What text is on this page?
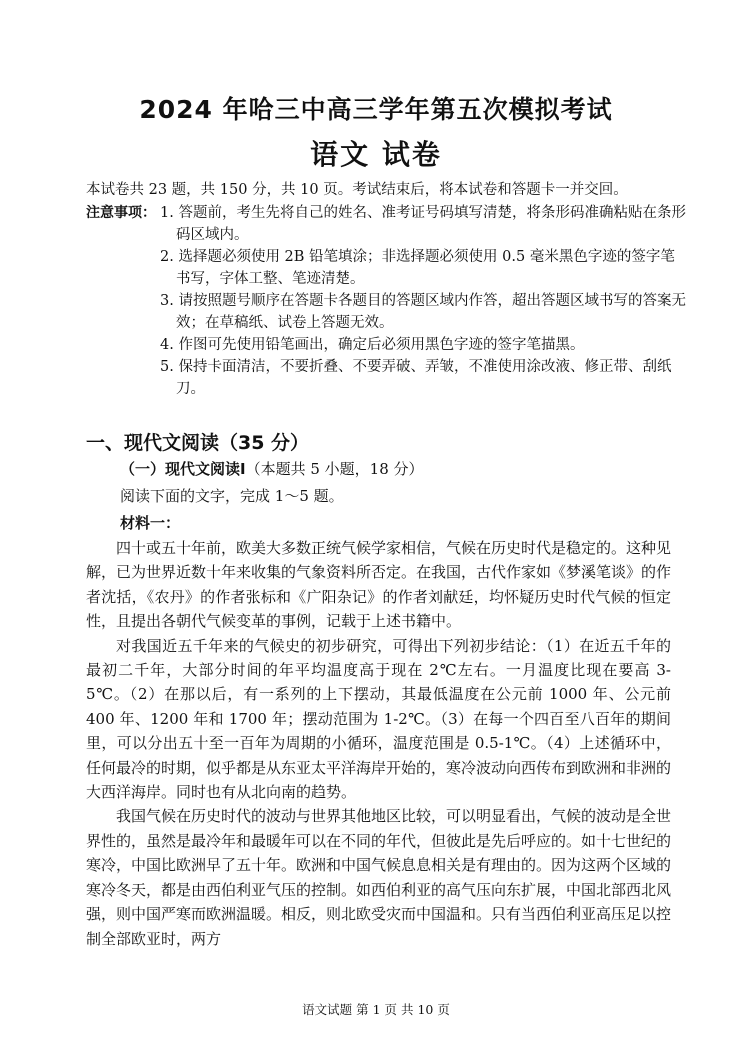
2024 年哈三中高三学年第五次模拟考试
语文 试卷
本试卷共 23 题，共 150 分，共 10 页。考试结束后，将本试卷和答题卡一并交回。
注意事项： 1. 答题前，考生先将自己的姓名、准考证号码填写清楚，将条形码准确粘贴在条形码区域内。
2. 选择题必须使用 2B 铅笔填涂；非选择题必须使用 0.5 毫米黑色字迹的签字笔书写，字体工整、笔迹清楚。
3. 请按照题号顺序在答题卡各题目的答题区域内作答，超出答题区域书写的答案无效；在草稿纸、试卷上答题无效。
4. 作图可先使用铅笔画出，确定后必须用黑色字迹的签字笔描黑。
5. 保持卡面清洁，不要折叠、不要弄破、弄皱，不准使用涂改液、修正带、刮纸刀。
一、现代文阅读（35 分）
（一）现代文阅读Ⅰ（本题共 5 小题，18 分）
阅读下面的文字，完成 1～5 题。
材料一：

四十或五十年前，欧美大多数正统气候学家相信，气候在历史时代是稳定的。这种见解，已为世界近数十年来收集的气象资料所否定。在我国，古代作家如《梦溪笔谈》的作者沈括，《农丹》的作者张标和《广阳杂记》的作者刘献廷，均怀疑历史时代气候的恒定性，且提出各朝代气候变革的事例，记载于上述书籍中。

对我国近五千年来的气候史的初步研究，可得出下列初步结论：（1）在近五千年的最初二千年，大部分时间的年平均温度高于现在 2℃左右。一月温度比现在要高 3-5℃。（2）在那以后，有一系列的上下摆动，其最低温度在公元前 1000 年、公元前 400 年、1200 年和 1700 年；摆动范围为 1-2℃。（3）在每一个四百至八百年的期间里，可以分出五十至一百年为周期的小循环，温度范围是 0.5-1℃。（4）上述循环中，任何最冷的时期，似乎都是从东亚太平洋海岸开始的，寒冷波动向西传布到欧洲和非洲的大西洋海岸。同时也有从北向南的趋势。

我国气候在历史时代的波动与世界其他地区比较，可以明显看出，气候的波动是全世界性的，虽然是最冷年和最暖年可以在不同的年代，但彼此是先后呼应的。如十七世纪的寒冷，中国比欧洲早了五十年。欧洲和中国气候息息相关是有理由的。因为这两个区域的寒冷冬天，都是由西伯利亚气压的控制。如西伯利亚的高气压向东扩展，中国北部西北风强，则中国严寒而欧洲温暖。相反，则北欧受灾而中国温和。只有当西伯利亚高压足以控制全部欧亚时，两方

语文试题 第 1 页 共 10 页
